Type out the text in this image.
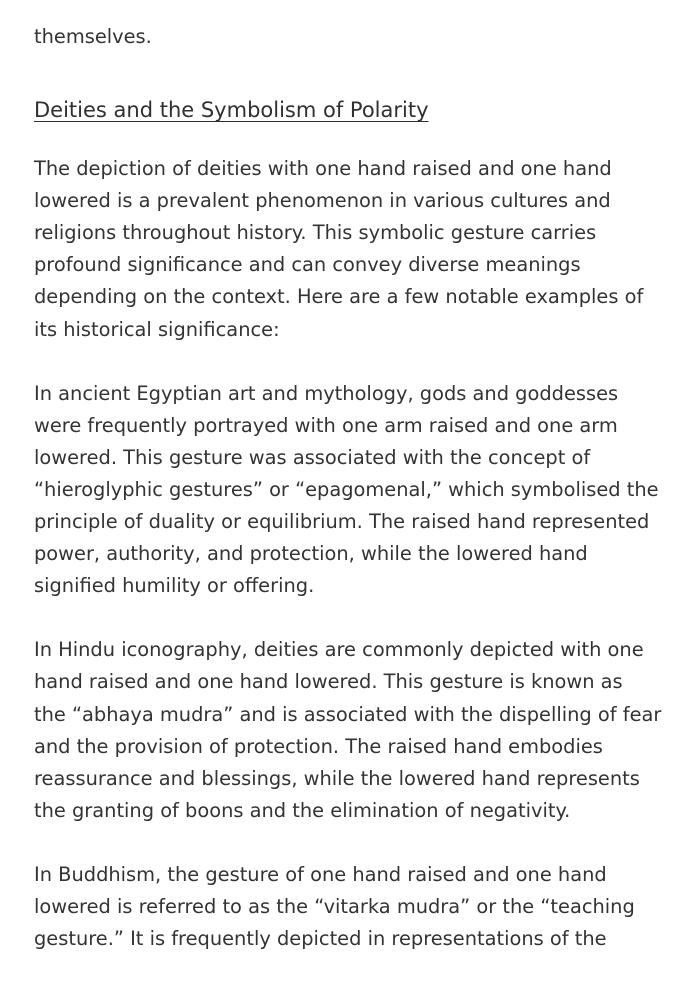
themselves.

Deities and the Symbolism of Polarity

The depiction of deities with one hand raised and one hand
lowered is a prevalent phenomenon in various cultures and
religions throughout history. This symbolic gesture carries
profound significance and can convey diverse meanings
depending on the context. Here are a few notable examples of
its historical significance:

In ancient Egyptian art and mythology, gods and goddesses
were frequently portrayed with one arm raised and one arm
lowered. This gesture was associated with the concept of
“hieroglyphic gestures” or “epagomenal,” which symbolised the
principle of duality or equilibrium. The raised hand represented
power, authority, and protection, while the lowered hand
signified humility or offering.

In Hindu iconography, deities are commonly depicted with one
hand raised and one hand lowered. This gesture is known as
the “abhaya mudra” and is associated with the dispelling of fear
and the provision of protection. The raised hand embodies
reassurance and blessings, while the lowered hand represents
the granting of boons and the elimination of negativity.

In Buddhism, the gesture of one hand raised and one hand
lowered is referred to as the “vitarka mudra” or the “teaching
gesture.” It is frequently depicted in representations of the
